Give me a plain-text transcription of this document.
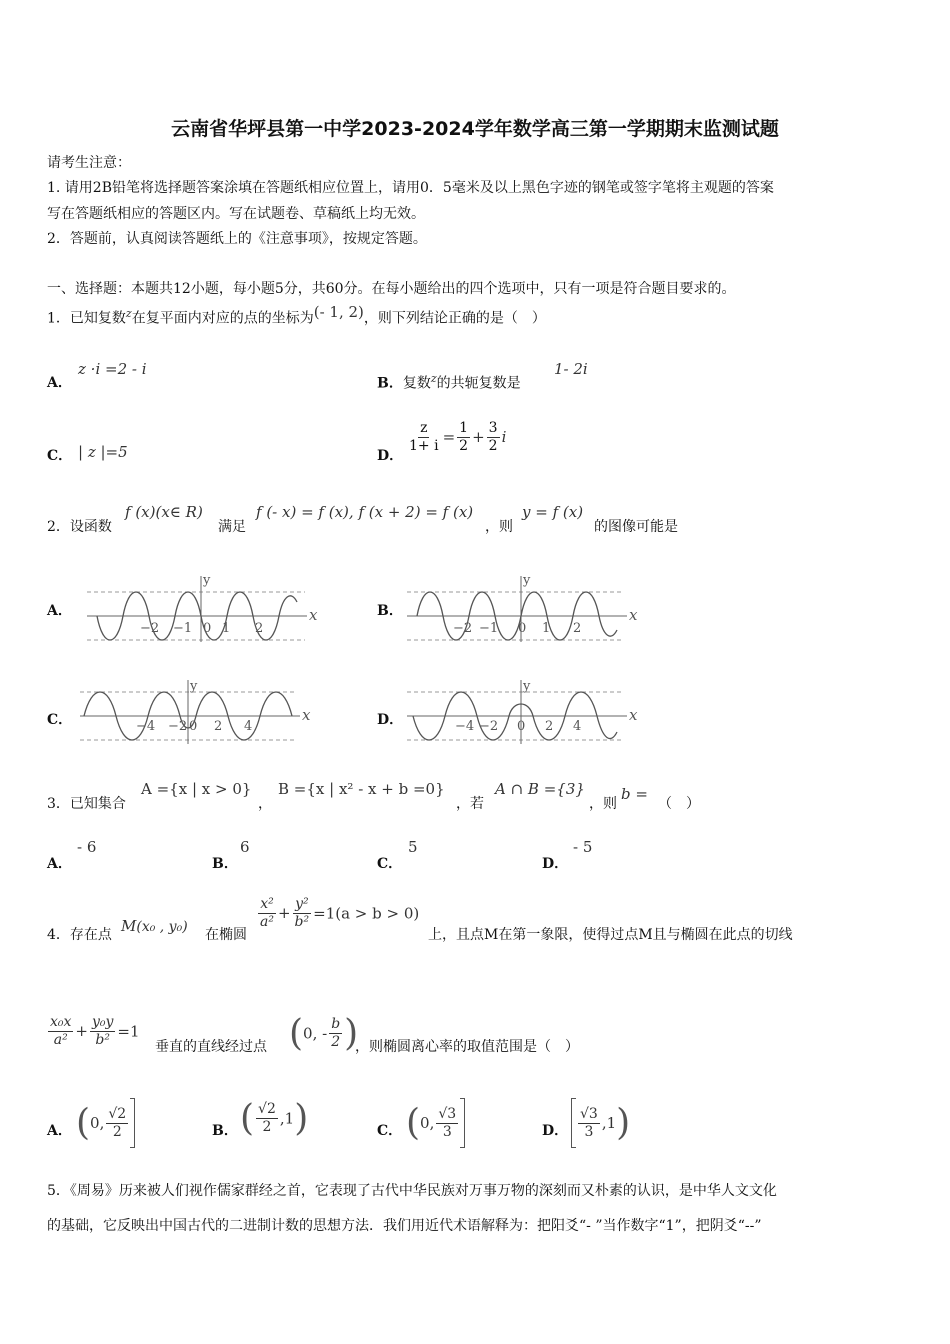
云南省华坪县第一中学2023-2024学年数学高三第一学期期末监测试题
请考生注意：
1. 请用2B铅笔将选择题答案涂填在答题纸相应位置上，请用0．5毫米及以上黑色字迹的钢笔或签字笔将主观题的答案
写在答题纸相应的答题区内。写在试题卷、草稿纸上均无效。
2．答题前，认真阅读答题纸上的《注意事项》，按规定答题。
一、选择题：本题共12小题，每小题5分，共60分。在每小题给出的四个选项中，只有一项是符合题目要求的。
1．已知复数$^z$在复平面内对应的点的坐标为$^{(- 1, 2)}$，则下列结论正确的是（　）
A．
z ·i =2 - i
B．复数$^z$的共轭复数是
1- 2i
C． | z |=5	D．
$\frac{z}{1+ i} = \frac{1}{2} + \frac{3}{2}$ i
2．设函数
f (x)(x∈ R)
满足
f (- x) = f (x), f (x + 2) = f (x)
，则
y = f (x)
的图像可能是
A．	B．
C．	D．
x
y
0
−2 −1 1 2
x
y
0
−2 −1	1 2
x
y
0
−4 −2 2 4
x
y
0
−4 −2	2 4
3．已知集合
A ={x | x > 0}
，
B ={x | x² - x + b =0}
，若
A ∩ B ={3}
，则
b =
（　）
A．
- 6
B．
6
C．
5
D．
- 5
4．存在点 M(x₀ , y₀) 在椭圆
$\frac{\text{x²}}{\text{a²}} + \frac{\text{y²}}{\text{b²}} =1(a > b > 0)$
上，且点M在第一象限，使得过点M且与椭圆在此点的切线
$\frac{\text{x₀x}}{\text{a²}} + \frac{\text{y₀y}}{\text{b²}} =1$
垂直的直线经过点 (0, - $\frac{b}{2}$ )
，则椭圆离心率的取值范围是（　）
A． (0, $\frac{√2}{2}$	B． ( $\frac{√2}{2} ,1$)	C． (0, $\frac{√3}{3}$	D． $\frac{√3}{3} ,1$)
5．《周易》历来被人们视作儒家群经之首，它表现了古代中华民族对万事万物的深刻而又朴素的认识，是中华人文文化
的基础，它反映出中国古代的二进制计数的思想方法．我们用近代术语解释为：把阳爻“- ”当作数字“1”，把阴爻“--”
